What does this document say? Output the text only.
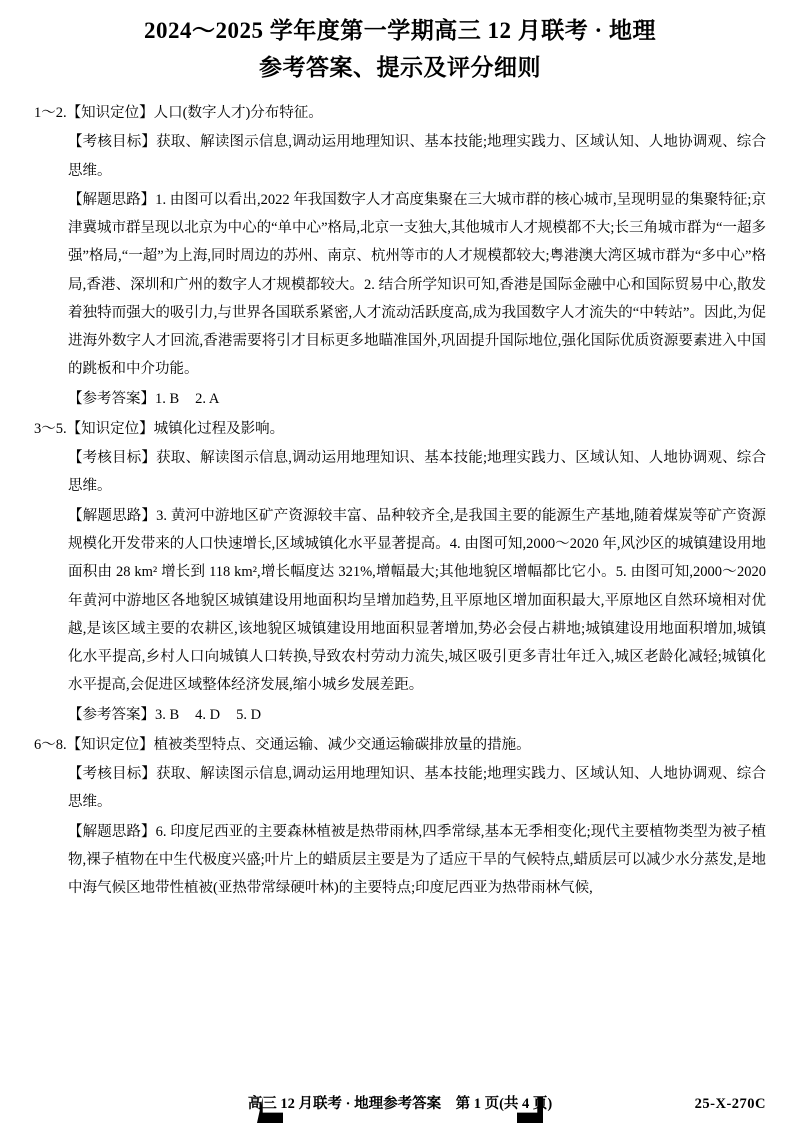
2024～2025 学年度第一学期高三 12 月联考 · 地理
参考答案、提示及评分细则

1～2.【知识定位】人口(数字人才)分布特征。

【考核目标】获取、解读图示信息,调动运用地理知识、基本技能;地理实践力、区域认知、人地协调观、综合思维。

【解题思路】1. 由图可以看出,2022 年我国数字人才高度集聚在三大城市群的核心城市,呈现明显的集聚特征;京津冀城市群呈现以北京为中心的“单中心”格局,北京一支独大,其他城市人才规模都不大;长三角城市群为“一超多强”格局,“一超”为上海,同时周边的苏州、南京、杭州等市的人才规模都较大;粤港澳大湾区城市群为“多中心”格局,香港、深圳和广州的数字人才规模都较大。2. 结合所学知识可知,香港是国际金融中心和国际贸易中心,散发着独特而强大的吸引力,与世界各国联系紧密,人才流动活跃度高,成为我国数字人才流失的“中转站”。因此,为促进海外数字人才回流,香港需要将引才目标更多地瞄准国外,巩固提升国际地位,强化国际优质资源要素进入中国的跳板和中介功能。

【参考答案】1. B 2. A

3～5.【知识定位】城镇化过程及影响。

【考核目标】获取、解读图示信息,调动运用地理知识、基本技能;地理实践力、区域认知、人地协调观、综合思维。

【解题思路】3. 黄河中游地区矿产资源较丰富、品种较齐全,是我国主要的能源生产基地,随着煤炭等矿产资源规模化开发带来的人口快速增长,区域城镇化水平显著提高。4. 由图可知,2000～2020 年,风沙区的城镇建设用地面积由 28 km² 增长到 118 km²,增长幅度达 321%,增幅最大;其他地貌区增幅都比它小。5. 由图可知,2000～2020 年黄河中游地区各地貌区城镇建设用地面积均呈增加趋势,且平原地区增加面积最大,平原地区自然环境相对优越,是该区域主要的农耕区,该地貌区城镇建设用地面积显著增加,势必会侵占耕地;城镇建设用地面积增加,城镇化水平提高,乡村人口向城镇人口转换,导致农村劳动力流失,城区吸引更多青壮年迁入,城区老龄化减轻;城镇化水平提高,会促进区域整体经济发展,缩小城乡发展差距。

【参考答案】3. B 4. D 5. D

6～8.【知识定位】植被类型特点、交通运输、减少交通运输碳排放量的措施。

【考核目标】获取、解读图示信息,调动运用地理知识、基本技能;地理实践力、区域认知、人地协调观、综合思维。

【解题思路】6. 印度尼西亚的主要森林植被是热带雨林,四季常绿,基本无季相变化;现代主要植物类型为被子植物,裸子植物在中生代极度兴盛;叶片上的蜡质层主要是为了适应干旱的气候特点,蜡质层可以减少水分蒸发,是地中海气候区地带性植被(亚热带常绿硬叶林)的主要特点;印度尼西亚为热带雨林气候,

高三 12 月联考 · 地理参考答案　第 1 页(共 4 页)	25-X-270C
